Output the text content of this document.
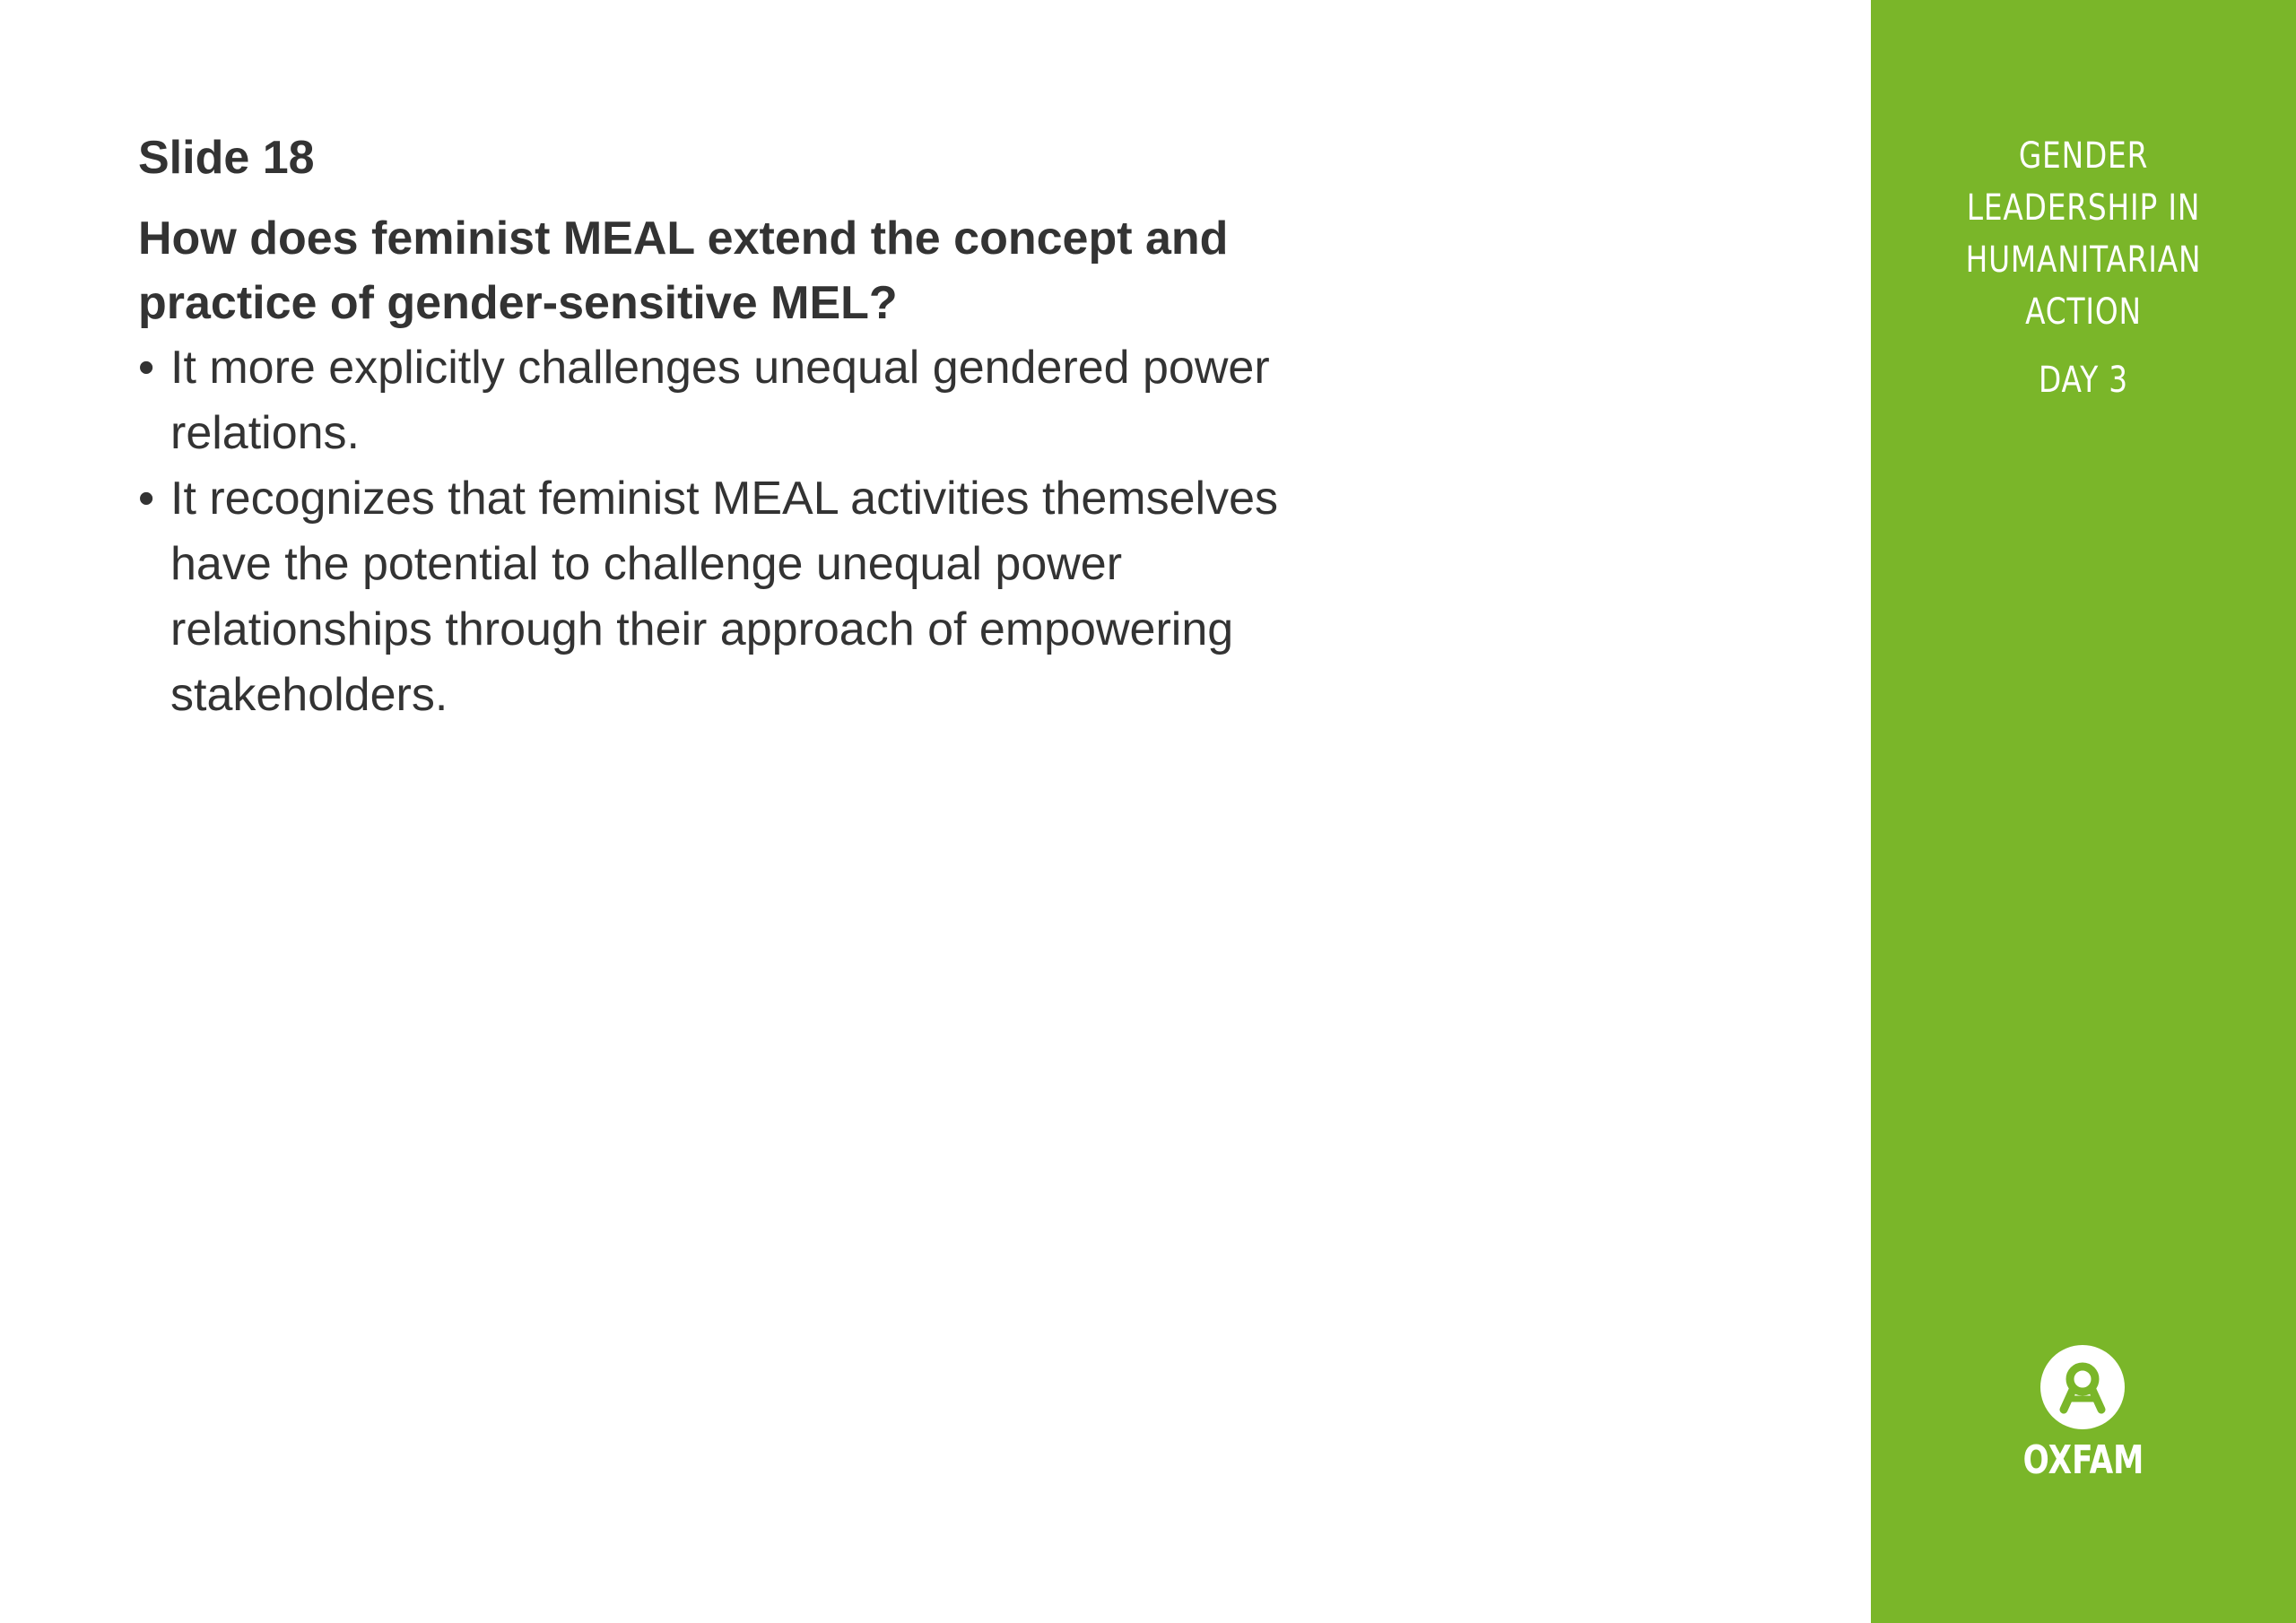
Slide 18
How does feminist MEAL extend the concept and practice of gender-sensitive MEL?
• It more explicitly challenges unequal gendered power relations.
• It recognizes that feminist MEAL activities themselves have the potential to challenge unequal power relationships through their approach of empowering stakeholders.
GENDER
LEADERSHIP IN
HUMANITARIAN
ACTION
DAY 3
OXFAM
